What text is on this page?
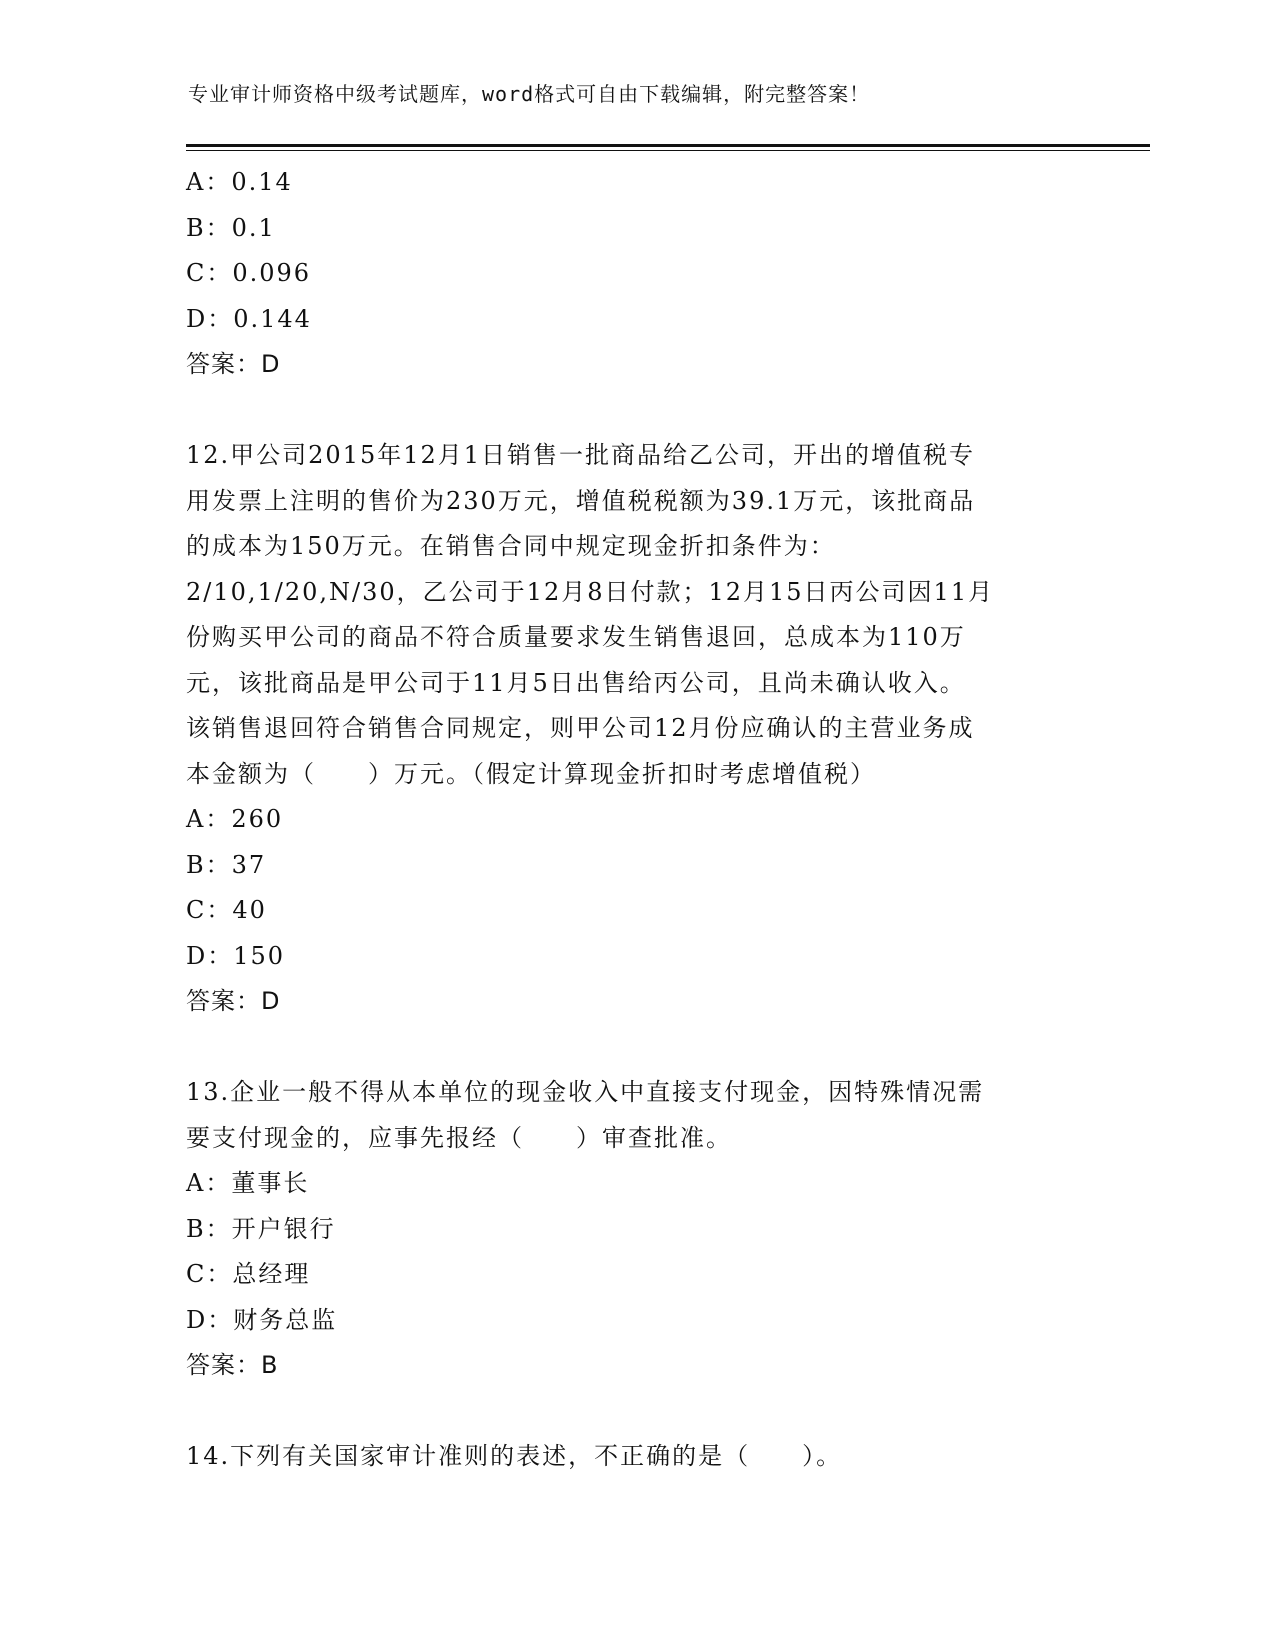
专业审计师资格中级考试题库，word格式可自由下载编辑，附完整答案！
A：0.14
B：0.1
C：0.096
D：0.144
答案：D

12.甲公司2015年12月1日销售一批商品给乙公司，开出的增值税专

用发票上注明的售价为230万元，增值税税额为39.1万元，该批商品

的成本为150万元。在销售合同中规定现金折扣条件为：

2/10,1/20,N/30，乙公司于12月8日付款；12月15日丙公司因11月

份购买甲公司的商品不符合质量要求发生销售退回，总成本为110万

元，该批商品是甲公司于11月5日出售给丙公司，且尚未确认收入。

该销售退回符合销售合同规定，则甲公司12月份应确认的主营业务成

本金额为（　　）万元。（假定计算现金折扣时考虑增值税）

A：260
B：37
C：40
D：150
答案：D

13.企业一般不得从本单位的现金收入中直接支付现金，因特殊情况需

要支付现金的，应事先报经（　　）审查批准。

A：董事长
B：开户银行
C：总经理
D：财务总监
答案：B

14.下列有关国家审计准则的表述，不正确的是（　　）。
